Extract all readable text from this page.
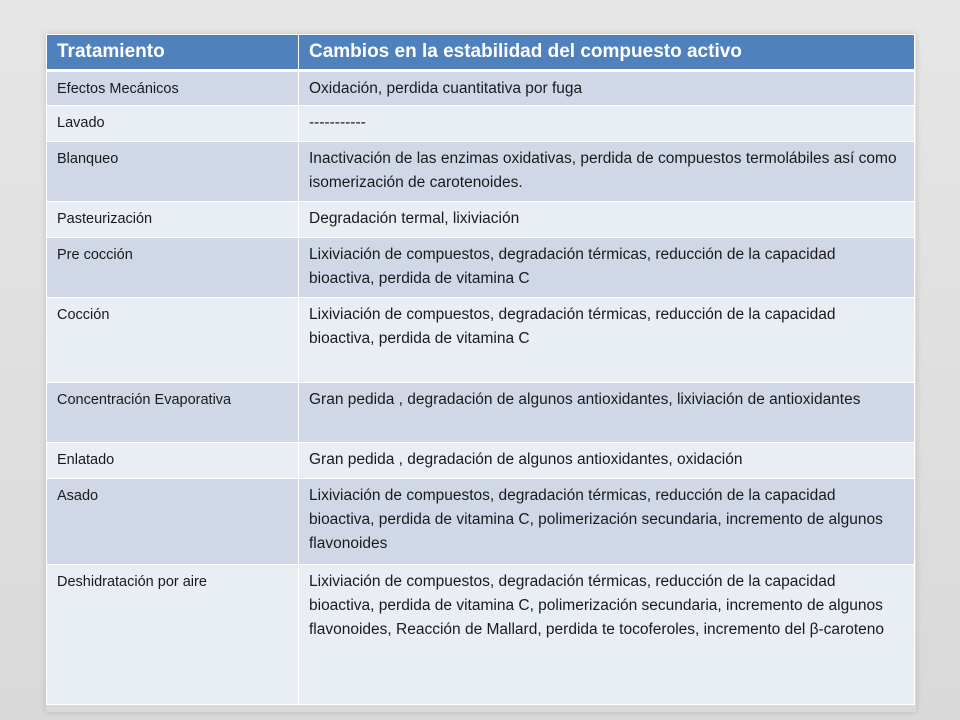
Tratamiento	Cambios en la estabilidad del compuesto activo
Efectos Mecánicos	Oxidación, perdida cuantitativa por fuga
Lavado	-----------
Blanqueo	Inactivación de las enzimas oxidativas, perdida de compuestos termolábiles así como isomerización de carotenoides.
Pasteurización	Degradación termal, lixiviación
Pre cocción	Lixiviación de compuestos, degradación térmicas, reducción de la capacidad bioactiva, perdida de vitamina C
Cocción	Lixiviación de compuestos, degradación térmicas, reducción de la capacidad bioactiva, perdida de vitamina C
Concentración Evaporativa	Gran pedida , degradación de algunos antioxidantes, lixiviación de antioxidantes
Enlatado	Gran pedida , degradación de algunos antioxidantes, oxidación
Asado	Lixiviación de compuestos, degradación térmicas, reducción de la capacidad bioactiva, perdida de vitamina C, polimerización secundaria, incremento de algunos flavonoides
Deshidratación por aire	Lixiviación de compuestos, degradación térmicas, reducción de la capacidad bioactiva, perdida de vitamina C, polimerización secundaria, incremento de algunos flavonoides, Reacción de Mallard, perdida te tocoferoles, incremento del β-caroteno
